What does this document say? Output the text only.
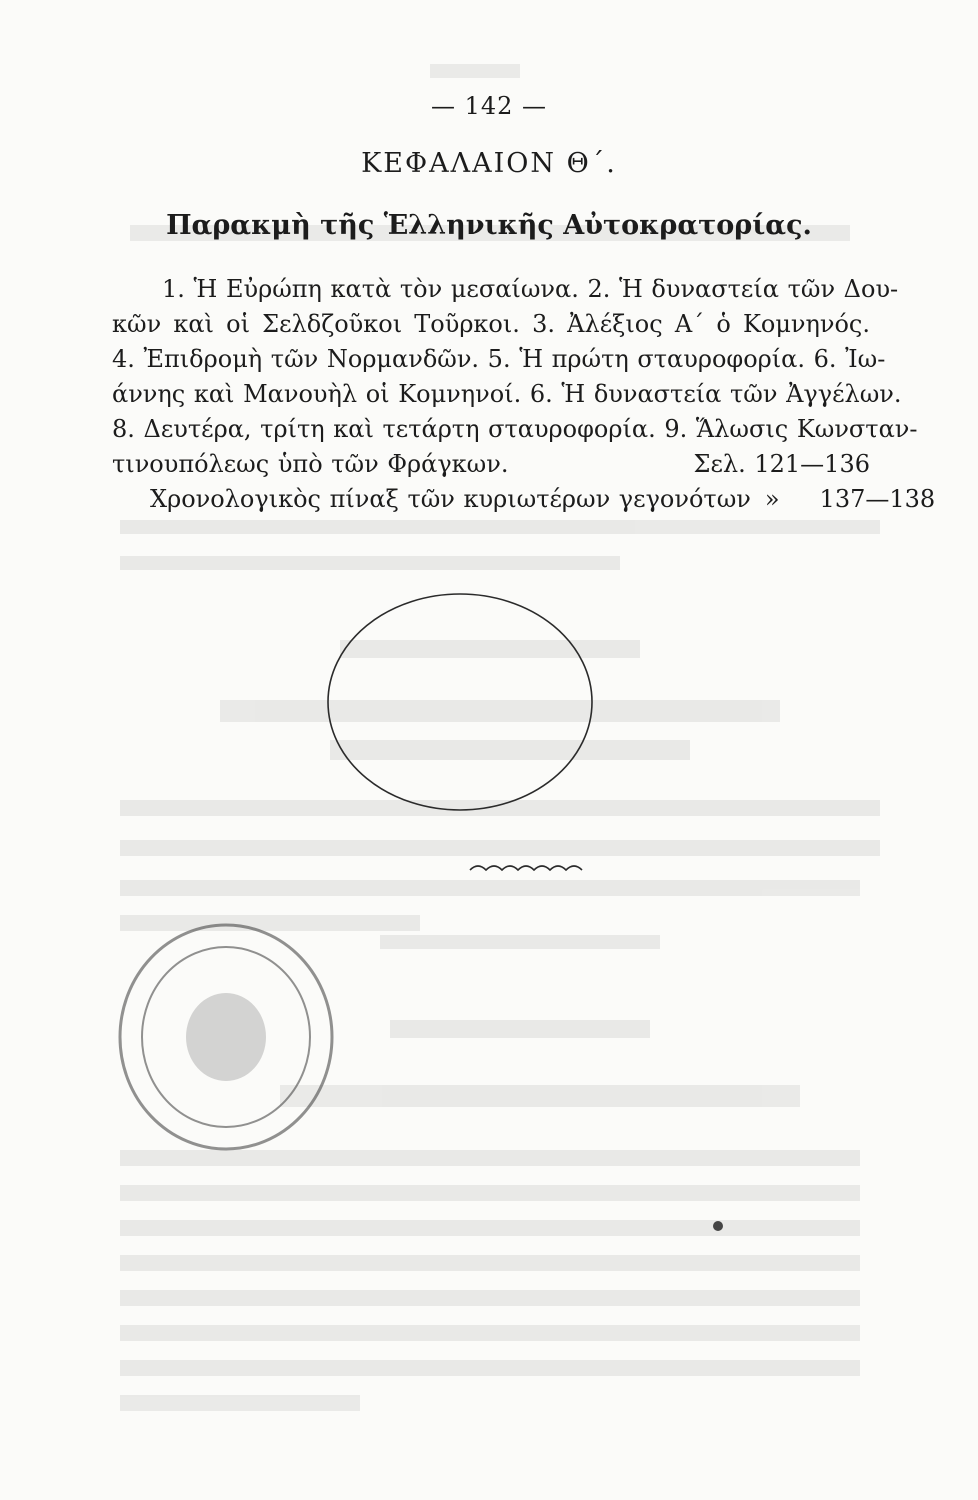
— 142 —
ΚΕΦΑΛΑΙΟΝ Θ΄.
Παρακμὴ τῆς Ἑλληνικῆς Αὐτοκρατορίας.
1. Ἡ Εὐρώπη κατὰ τὸν μεσαίωνα. 2. Ἡ δυναστεία τῶν Δου-
κῶν καὶ οἱ Σελδζοῦκοι Τοῦρκοι. 3. Ἀλέξιος Α΄ ὁ Κομνηνός.
4. Ἐπιδρομὴ τῶν Νορμανδῶν. 5. Ἡ πρώτη σταυροφορία. 6. Ἰω-
άννης καὶ Μανουὴλ οἱ Κομνηνοί. 6. Ἡ δυναστεία τῶν Ἀγγέλων.
8. Δευτέρα, τρίτη καὶ τετάρτη σταυροφορία. 9. Ἅλωσις Κωνσταν-
τινουπόλεως ὑπὸ τῶν Φράγκων.	Σελ. 121—136
Χρονολογικὸς πίναξ τῶν κυριωτέρων γεγονότων » 137—138
